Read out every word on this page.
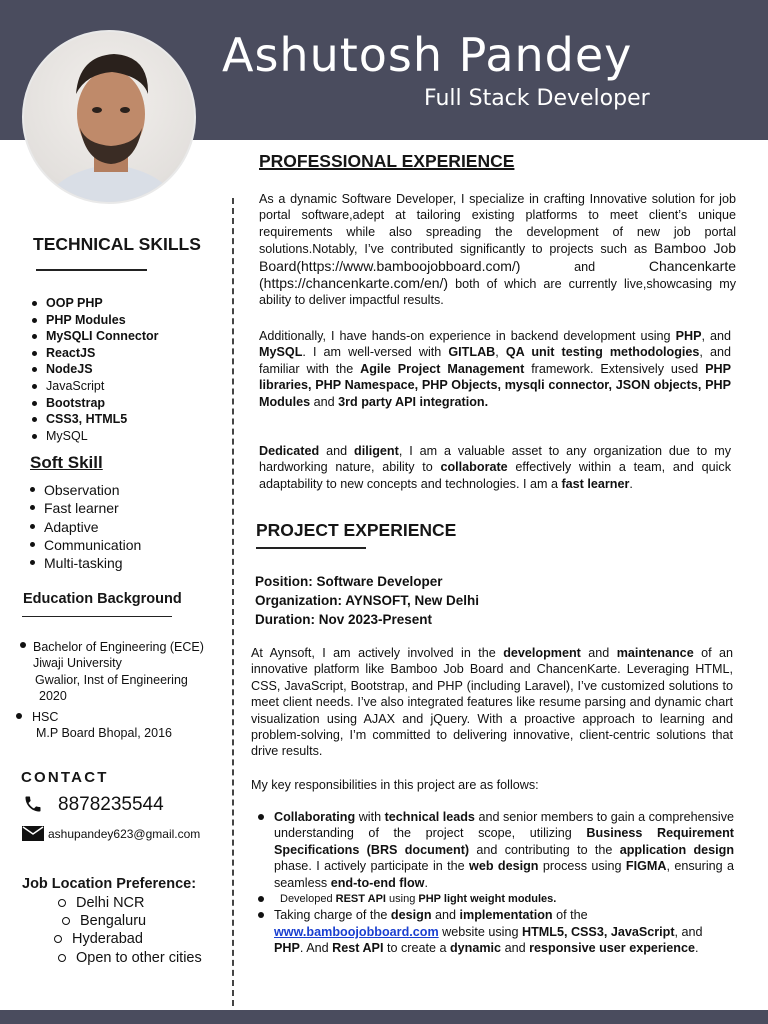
Ashutosh Pandey
Full Stack Developer
TECHNICAL SKILLS
OOP PHP
PHP Modules
MySQLI Connector
ReactJS
NodeJS
JavaScript
Bootstrap
CSS3, HTML5
MySQL
Soft Skill
Observation
Fast learner
Adaptive
Communication
Multi-tasking
Education Background
Bachelor of Engineering (ECE)
Jiwaji University
Gwalior, Inst of Engineering
2020
HSC
M.P Board Bhopal, 2016
CONTACT
8878235544
ashupandey623@gmail.com
Job Location Preference:
Delhi NCR
Bengaluru
Hyderabad
Open to other cities
PROFESSIONAL EXPERIENCE
As a dynamic Software Developer, I specialize in crafting Innovative solution for job portal software,adept at tailoring existing platforms to meet client’s unique requirements while also spreading the development of new job portal solutions.Notably, I’ve contributed significantly to projects such as Bamboo Job Board(https://www.bamboojobboard.com/)	and	Chancenkarte (https://chancenkarte.com/en/) both of which are currently live,showcasing my ability to deliver impactful results.
Additionally, I have hands-on experience in backend development using PHP, and MySQL. I am well-versed with GITLAB, QA unit testing methodologies, and familiar with the Agile Project Management framework. Extensively used PHP libraries, PHP Namespace, PHP Objects, mysqli connector, JSON objects, PHP Modules and 3rd party API integration.
Dedicated and diligent, I am a valuable asset to any organization due to my hardworking nature, ability to collaborate effectively within a team, and quick adaptability to new concepts and technologies. I am a fast learner.
PROJECT EXPERIENCE
Position: Software Developer
Organization: AYNSOFT, New Delhi
Duration: Nov 2023-Present
At Aynsoft, I am actively involved in the development and maintenance of an innovative platform like Bamboo Job Board and ChancenKarte. Leveraging HTML, CSS, JavaScript, Bootstrap, and PHP (including Laravel), I’ve customized solutions to meet client needs. I’ve also integrated features like resume parsing and dynamic chart visualization using AJAX and jQuery. With a proactive approach to learning and problem-solving, I’m committed to delivering innovative, client-centric solutions that drive results.
My key responsibilities in this project are as follows:
Collaborating with technical leads and senior members to gain a comprehensive understanding of the project scope, utilizing Business Requirement Specifications (BRS document) and contributing to the application design phase. I actively participate in the web design process using FIGMA, ensuring a seamless end-to-end flow.
Developed REST API using PHP light weight modules.
Taking charge of the design and implementation of the www.bamboojobboard.com website using HTML5, CSS3, JavaScript, and PHP. And Rest API to create a dynamic and responsive user experience.
